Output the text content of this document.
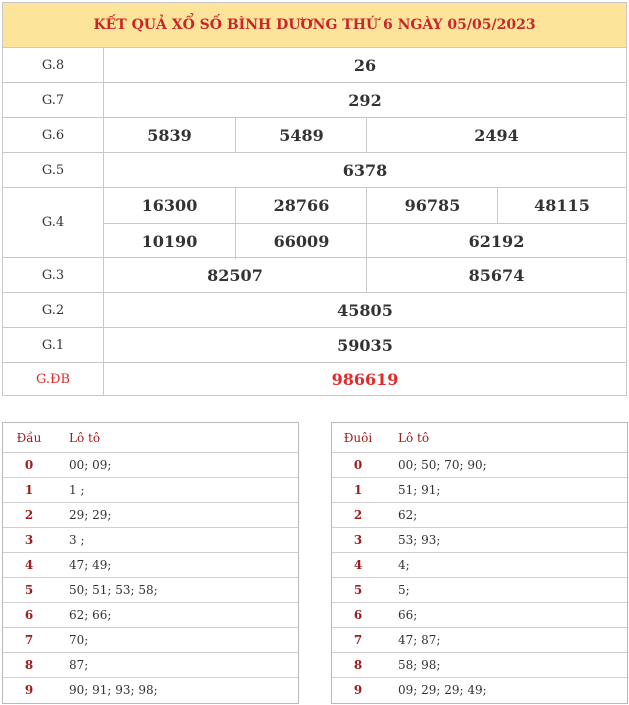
KẾT QUẢ XỔ SỐ BÌNH DƯƠNG THỨ 6 NGÀY 05/05/2023
G.8	26
G.7	292
G.6	5839	5489	2494
G.5	6378
G.4
16300	28766	96785	48115
10190	66009	62192
G.3	82507	85674
G.2	45805
G.1	59035
G.ĐB	986619
Đầu	Lô tô
0	00; 09;
1	1 ;
2	29; 29;
3	3 ;
4	47; 49;
5	50; 51; 53; 58;
6	62; 66;
7	70;
8	87;
9	90; 91; 93; 98;
Đuôi	Lô tô
0	00; 50; 70; 90;
1	51; 91;
2	62;
3	53; 93;
4	4;
5	5;
6	66;
7	47; 87;
8	58; 98;
9	09; 29; 29; 49;
